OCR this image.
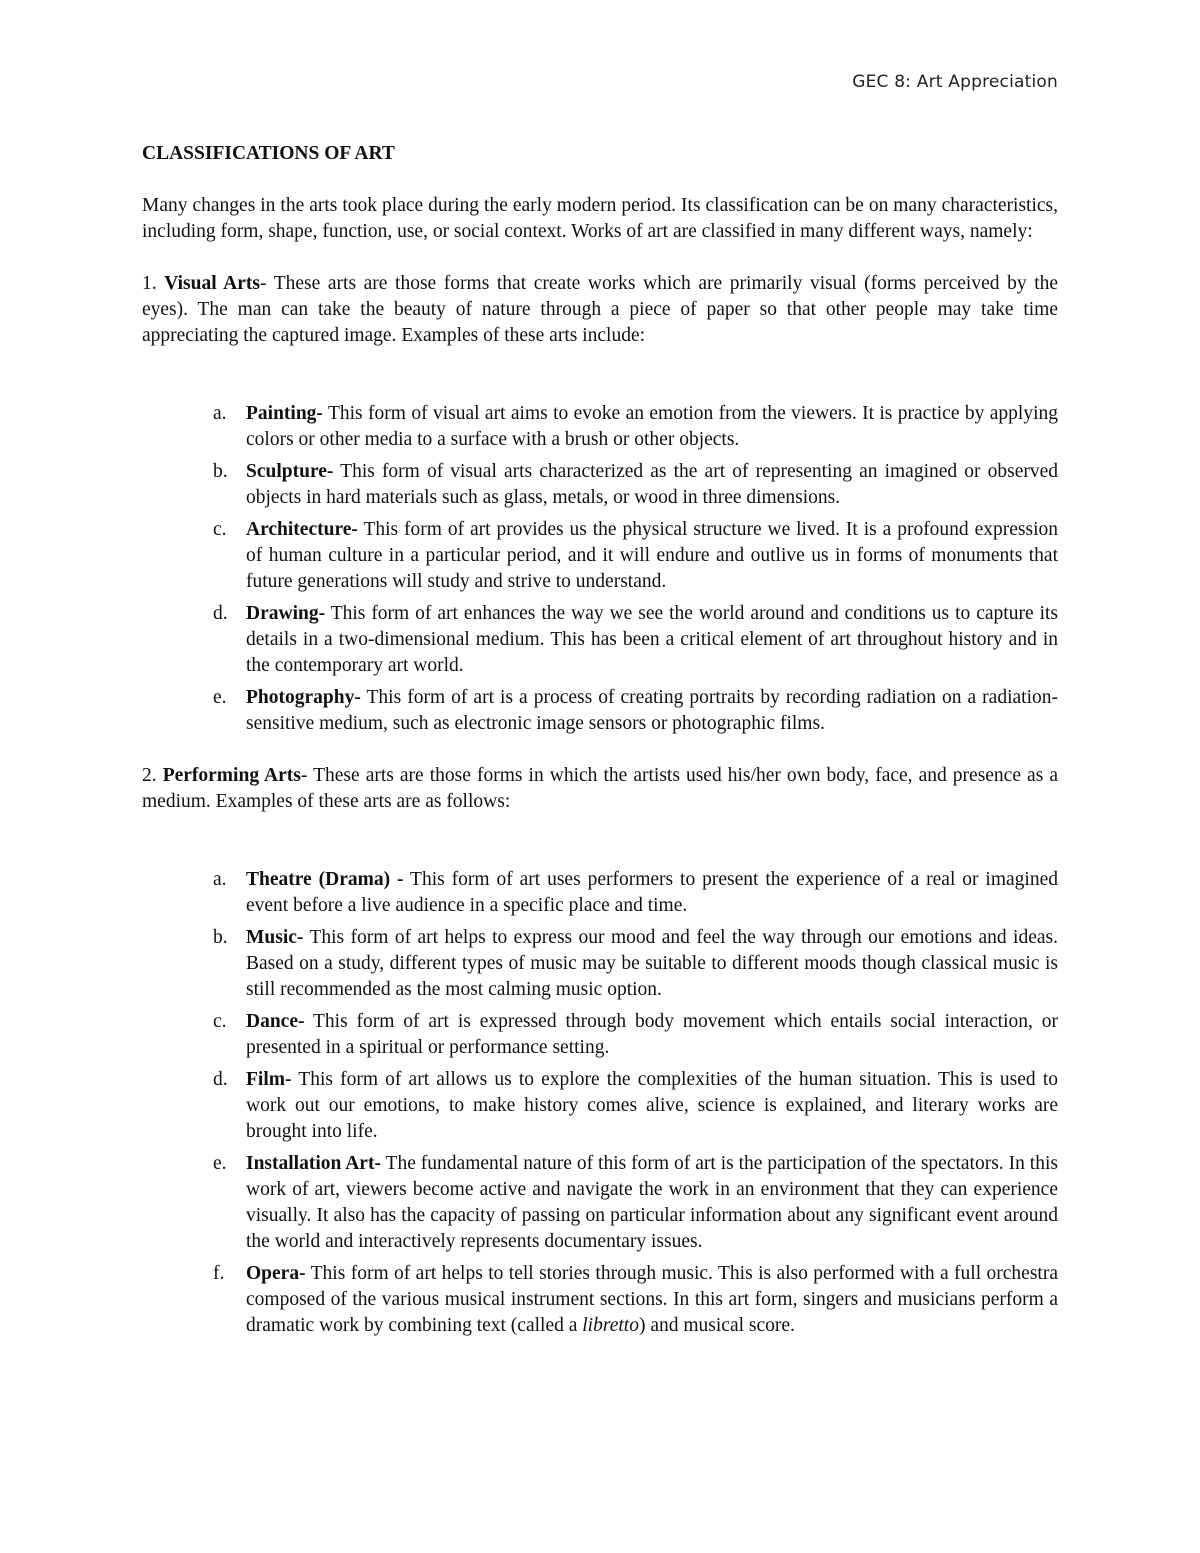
GEC 8: Art Appreciation
CLASSIFICATIONS OF ART

Many changes in the arts took place during the early modern period. Its classification can be on many characteristics, including form, shape, function, use, or social context. Works of art are classified in many different ways, namely:

1. Visual Arts- These arts are those forms that create works which are primarily visual (forms perceived by the eyes). The man can take the beauty of nature through a piece of paper so that other people may take time appreciating the captured image. Examples of these arts include:

a. Painting- This form of visual art aims to evoke an emotion from the viewers. It is practice by applying colors or other media to a surface with a brush or other objects.
b. Sculpture- This form of visual arts characterized as the art of representing an imagined or observed objects in hard materials such as glass, metals, or wood in three dimensions.
c. Architecture- This form of art provides us the physical structure we lived. It is a profound expression of human culture in a particular period, and it will endure and outlive us in forms of monuments that future generations will study and strive to understand.
d. Drawing- This form of art enhances the way we see the world around and conditions us to capture its details in a two-dimensional medium. This has been a critical element of art throughout history and in the contemporary art world.
e. Photography- This form of art is a process of creating portraits by recording radiation on a radiation-sensitive medium, such as electronic image sensors or photographic films.

2. Performing Arts- These arts are those forms in which the artists used his/her own body, face, and presence as a medium. Examples of these arts are as follows:

a. Theatre (Drama) - This form of art uses performers to present the experience of a real or imagined event before a live audience in a specific place and time.
b. Music- This form of art helps to express our mood and feel the way through our emotions and ideas. Based on a study, different types of music may be suitable to different moods though classical music is still recommended as the most calming music option.
c. Dance- This form of art is expressed through body movement which entails social interaction, or presented in a spiritual or performance setting.
d. Film- This form of art allows us to explore the complexities of the human situation. This is used to work out our emotions, to make history comes alive, science is explained, and literary works are brought into life.
e. Installation Art- The fundamental nature of this form of art is the participation of the spectators. In this work of art, viewers become active and navigate the work in an environment that they can experience visually. It also has the capacity of passing on particular information about any significant event around the world and interactively represents documentary issues.
f. Opera- This form of art helps to tell stories through music. This is also performed with a full orchestra composed of the various musical instrument sections. In this art form, singers and musicians perform a dramatic work by combining text (called a libretto) and musical score.
